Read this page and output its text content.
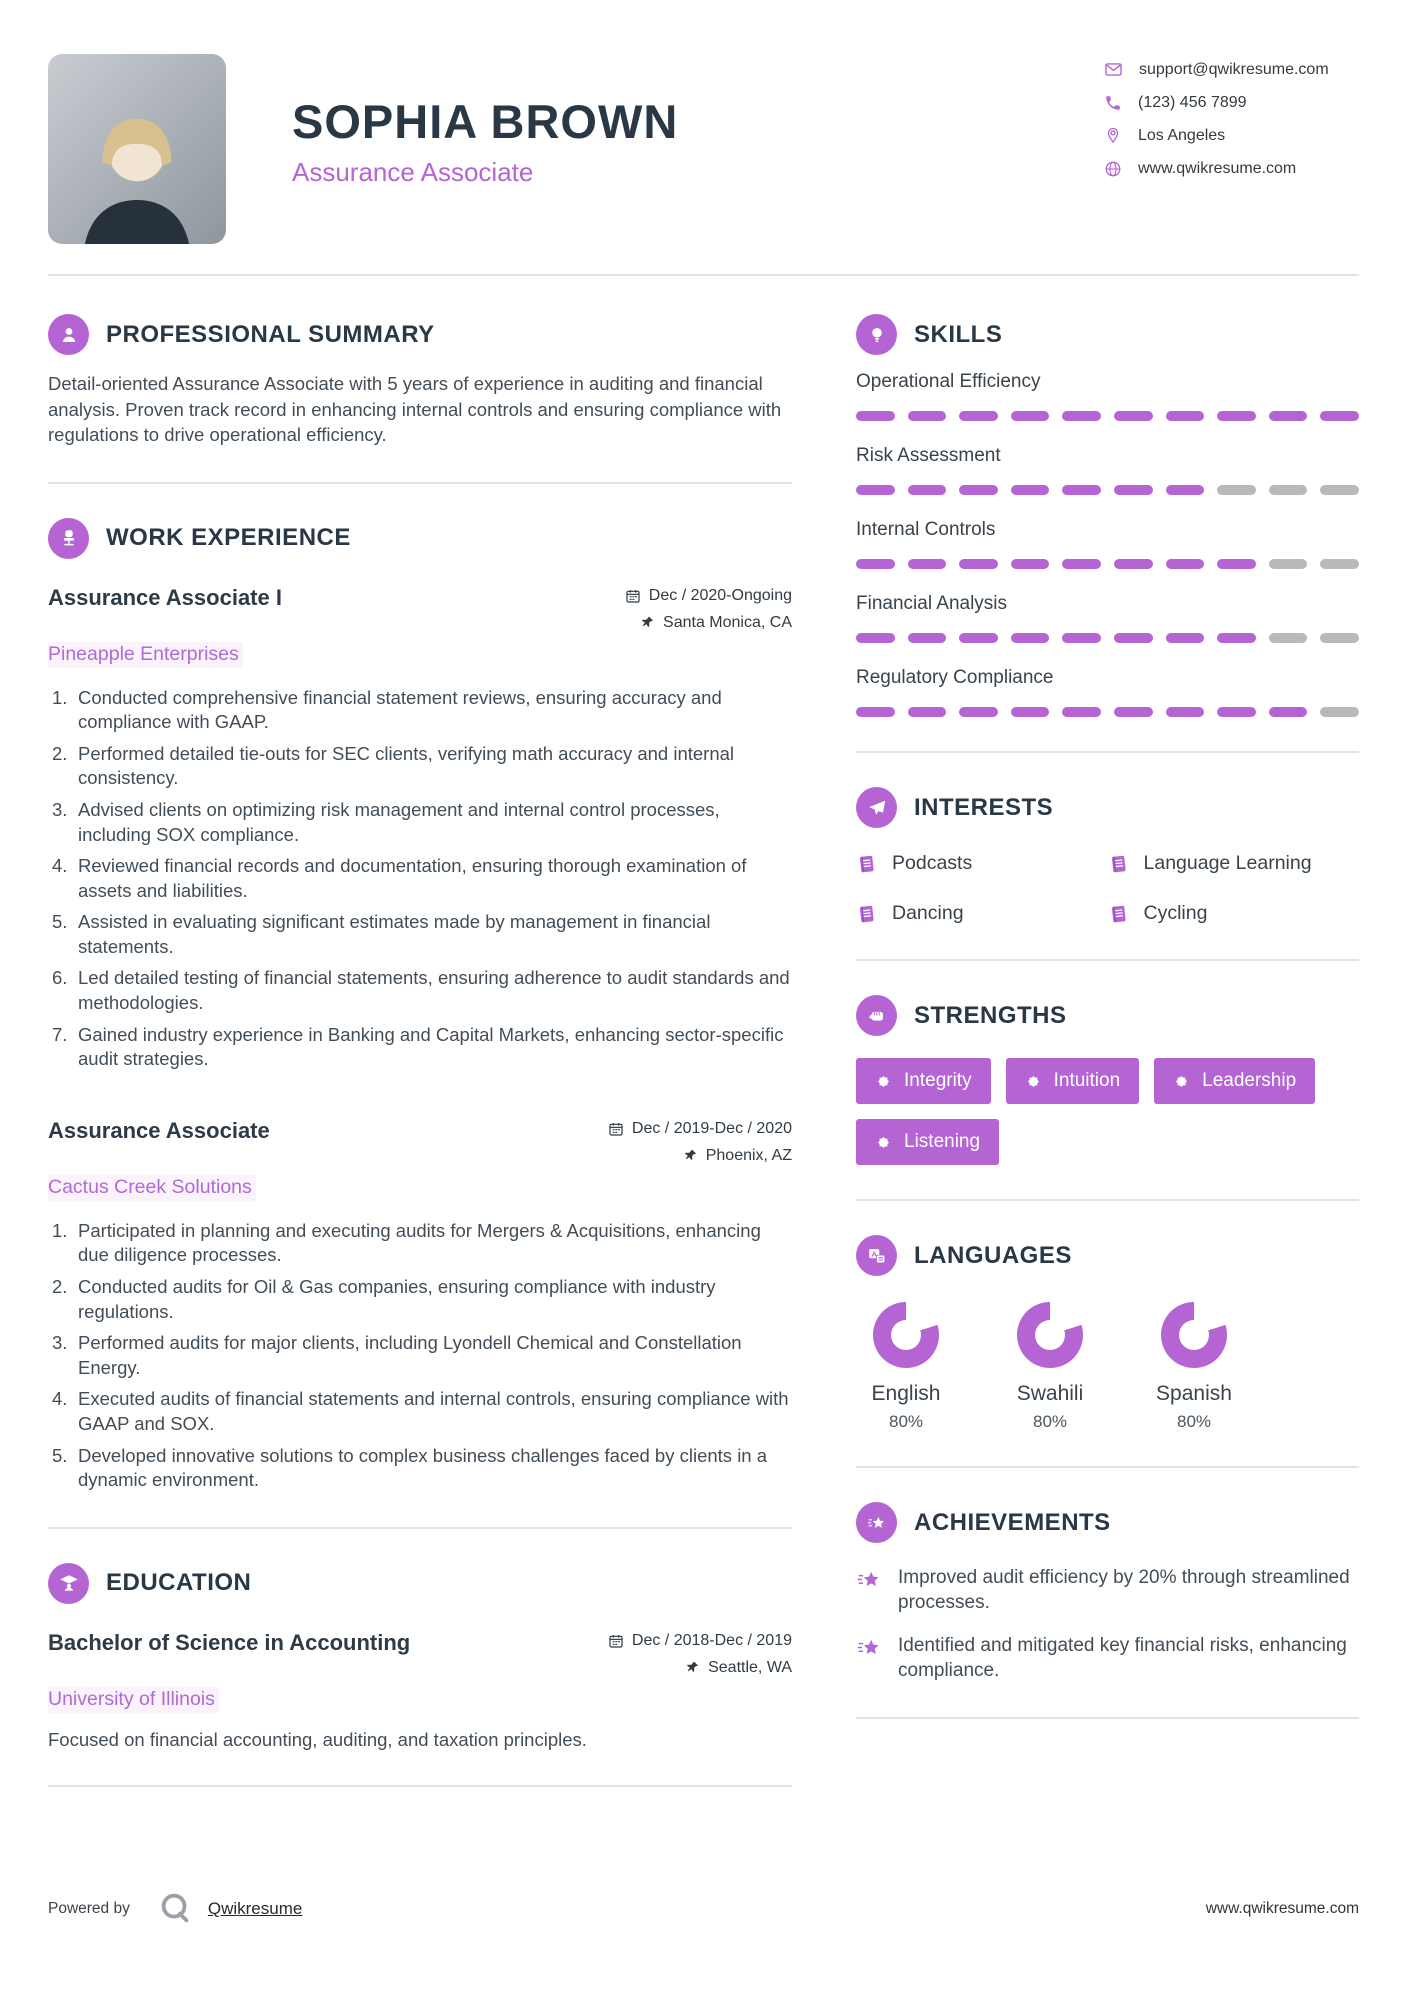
SOPHIA BROWN
Assurance Associate
support@qwikresume.com
(123) 456 7899
Los Angeles
www.qwikresume.com
PROFESSIONAL SUMMARY
Detail-oriented Assurance Associate with 5 years of experience in auditing and financial analysis. Proven track record in enhancing internal controls and ensuring compliance with regulations to drive operational efficiency.
WORK EXPERIENCE
Assurance Associate I	Dec / 2020-Ongoing
Santa Monica, CA
Pineapple Enterprises
Conducted comprehensive financial statement reviews, ensuring accuracy and compliance with GAAP.
Performed detailed tie-outs for SEC clients, verifying math accuracy and internal consistency.
Advised clients on optimizing risk management and internal control processes, including SOX compliance.
Reviewed financial records and documentation, ensuring thorough examination of assets and liabilities.
Assisted in evaluating significant estimates made by management in financial statements.
Led detailed testing of financial statements, ensuring adherence to audit standards and methodologies.
Gained industry experience in Banking and Capital Markets, enhancing sector-specific audit strategies.
Assurance Associate	Dec / 2019-Dec / 2020
Phoenix, AZ
Cactus Creek Solutions
Participated in planning and executing audits for Mergers & Acquisitions, enhancing due diligence processes.
Conducted audits for Oil & Gas companies, ensuring compliance with industry regulations.
Performed audits for major clients, including Lyondell Chemical and Constellation Energy.
Executed audits of financial statements and internal controls, ensuring compliance with GAAP and SOX.
Developed innovative solutions to complex business challenges faced by clients in a dynamic environment.
EDUCATION
Bachelor of Science in Accounting	Dec / 2018-Dec / 2019
Seattle, WA
University of Illinois
Focused on financial accounting, auditing, and taxation principles.
SKILLS
Operational Efficiency
Risk Assessment
Internal Controls
Financial Analysis
Regulatory Compliance
INTERESTS
Podcasts	Language Learning
Dancing	Cycling
STRENGTHS
Integrity	Intuition	Leadership
Listening
A LANGUAGES
English
80%
Swahili
80%
Spanish
80%
ACHIEVEMENTS
Improved audit efficiency by 20% through streamlined processes.
Identified and mitigated key financial risks, enhancing compliance.
Powered by	Qwikresume	www.qwikresume.com
